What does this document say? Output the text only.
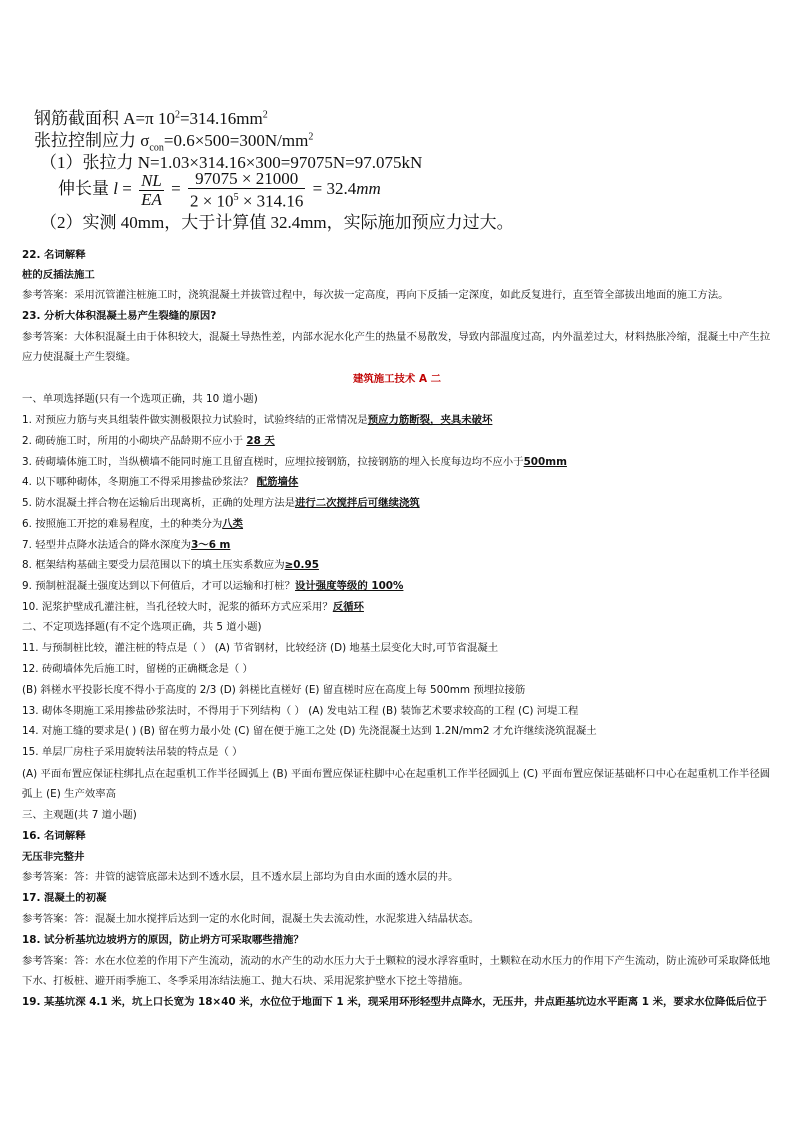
钢筋截面积 A=π $10^2=314.16mm^2$
张拉控制应力 $\sigma_{con}=0.6\times 500=300N/mm^2$
（1）张拉力 N=1.03×314.16×300=97075N=97.075kN
伸长量 $l = \frac{NL}{EA} = \frac{97075 \times 21000}{2 \times 10^5 \times 314.16} = 32.4mm$
（2）实测 40mm，大于计算值 32.4mm，实际施加预应力过大。
22. 名词解释
桩的反插法施工
参考答案：采用沉管灌注桩施工时，浇筑混凝土并拔管过程中，每次拔一定高度，再向下反插一定深度，如此反复进行，直至管全部拔出地面的施工方法。
23. 分析大体积混凝土易产生裂缝的原因?
参考答案：大体积混凝土由于体积较大，混凝土导热性差，内部水泥水化产生的热量不易散发，导致内部温度过高，内外温差过大，材料热胀冷缩，混凝土中产生拉应力使混凝土产生裂缝。
建筑施工技术 A 二
一、单项选择题(只有一个选项正确，共 10 道小题)
1. 对预应力筋与夹具组装件做实测极限拉力试验时，试验终结的正常情况是预应力筋断裂，夹具未破坏
2. 砌砖施工时，所用的小砌块产品龄期不应小于 28 天
3. 砖砌墙体施工时，当纵横墙不能同时施工且留直槎时，应埋拉接钢筋，拉接钢筋的埋入长度每边均不应小于500mm
4. 以下哪种砌体，冬期施工不得采用掺盐砂浆法？ 配筋墙体
5. 防水混凝土拌合物在运输后出现离析，正确的处理方法是进行二次搅拌后可继续浇筑
6. 按照施工开挖的难易程度，土的种类分为八类
7. 轻型井点降水法适合的降水深度为3～6 m
8. 框架结构基础主要受力层范围以下的填土压实系数应为≥0.95
9. 预制桩混凝土强度达到以下何值后，才可以运输和打桩？设计强度等级的 100%
10. 泥浆护壁成孔灌注桩，当孔径较大时，泥浆的循环方式应采用？反循环
二、不定项选择题(有不定个选项正确，共 5 道小题)
11. 与预制桩比较，灌注桩的特点是（ ） (A) 节省钢材，比较经济 (D) 地基土层变化大时,可节省混凝土
12. 砖砌墙体先后施工时，留槎的正确概念是（ ）
(B) 斜槎水平投影长度不得小于高度的 2/3 (D) 斜槎比直槎好 (E) 留直槎时应在高度上每 500mm 预埋拉接筋
13. 砌体冬期施工采用掺盐砂浆法时，不得用于下列结构（ ） (A) 发电站工程 (B) 装饰艺术要求较高的工程 (C) 河堤工程
14. 对施工缝的要求是( ) (B) 留在剪力最小处 (C) 留在便于施工之处 (D) 先浇混凝土达到 1.2N/mm2 才允许继续浇筑混凝土
15. 单层厂房柱子采用旋转法吊装的特点是（ ）
(A) 平面布置应保证柱绑扎点在起重机工作半径圆弧上 (B) 平面布置应保证柱脚中心在起重机工作半径圆弧上 (C) 平面布置应保证基础杯口中心在起重机工作半径圆弧上 (E) 生产效率高
三、主观题(共 7 道小题)
16. 名词解释
无压非完整井
参考答案：答：井管的滤管底部未达到不透水层，且不透水层上部均为自由水面的透水层的井。
17. 混凝土的初凝
参考答案：答：混凝土加水搅拌后达到一定的水化时间，混凝土失去流动性，水泥浆进入结晶状态。
18. 试分析基坑边坡坍方的原因，防止坍方可采取哪些措施？
参考答案：答：水在水位差的作用下产生流动，流动的水产生的动水压力大于土颗粒的浸水浮容重时，土颗粒在动水压力的作用下产生流动，防止流砂可采取降低地下水、打板桩、避开雨季施工、冬季采用冻结法施工、抛大石块、采用泥浆护壁水下挖土等措施。
19. 某基坑深 4.1 米，坑上口长宽为 18×40 米，水位位于地面下 1 米，现采用环形轻型井点降水，无压井，井点距基坑边水平距离 1 米，要求水位降低后位于
